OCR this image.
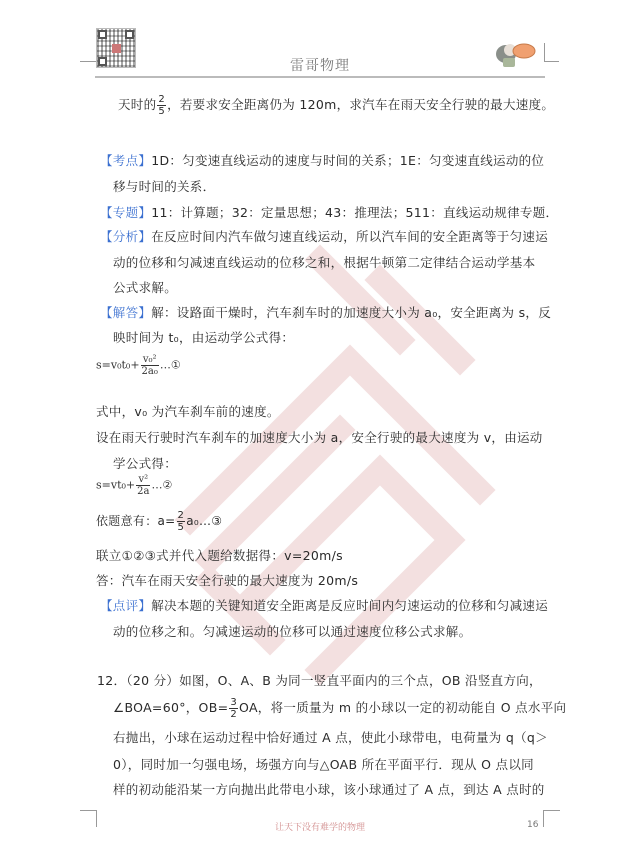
雷哥物理
天时的 $\frac{2}{5}$ ，若要求安全距离仍为 120m，求汽车在雨天安全行驶的最大速度。
【考点】1D：匀变速直线运动的速度与时间的关系；1E：匀变速直线运动的位
移与时间的关系．
【专题】11：计算题；32：定量思想；43：推理法；511：直线运动规律专题．
【分析】在反应时间内汽车做匀速直线运动，所以汽车间的安全距离等于匀速运
动的位移和匀减速直线运动的位移之和，根据牛顿第二定律结合运动学基本
公式求解。
【解答】解：设路面干燥时，汽车刹车时的加速度大小为 a₀，安全距离为 s，反
映时间为 t₀，由运动学公式得：
$s=v_0t_0+ \frac{\text{v₀²}}{\text{2a₀}}$ …①
式中，v₀ 为汽车刹车前的速度。
设在雨天行驶时汽车刹车的加速度大小为 a，安全行驶的最大速度为 v，由运动
学公式得：
$s=vt_0+ \frac{\text{v²}}{2a}$ …②
依题意有：$a= \frac{2}{5}$ a₀…③
联立①②③式并代入题给数据得：v=20m/s
答：汽车在雨天安全行驶的最大速度为 20m/s
【点评】解决本题的关键知道安全距离是反应时间内匀速运动的位移和匀减速运
动的位移之和。匀减速运动的位移可以通过速度位移公式求解。
12．（20 分）如图，O、A、B 为同一竖直平面内的三个点，OB 沿竖直方向，
∠BOA=60°，$OB= \frac{3}{2}$ OA，将一质量为 m 的小球以一定的初动能自 O 点水平向
右抛出，小球在运动过程中恰好通过 A 点，使此小球带电，电荷量为 q（q＞
0），同时加一匀强电场，场强方向与△OAB 所在平面平行．现从 O 点以同
样的初动能沿某一方向抛出此带电小球，该小球通过了 A 点，到达 A 点时的
让天下没有难学的物理	16
